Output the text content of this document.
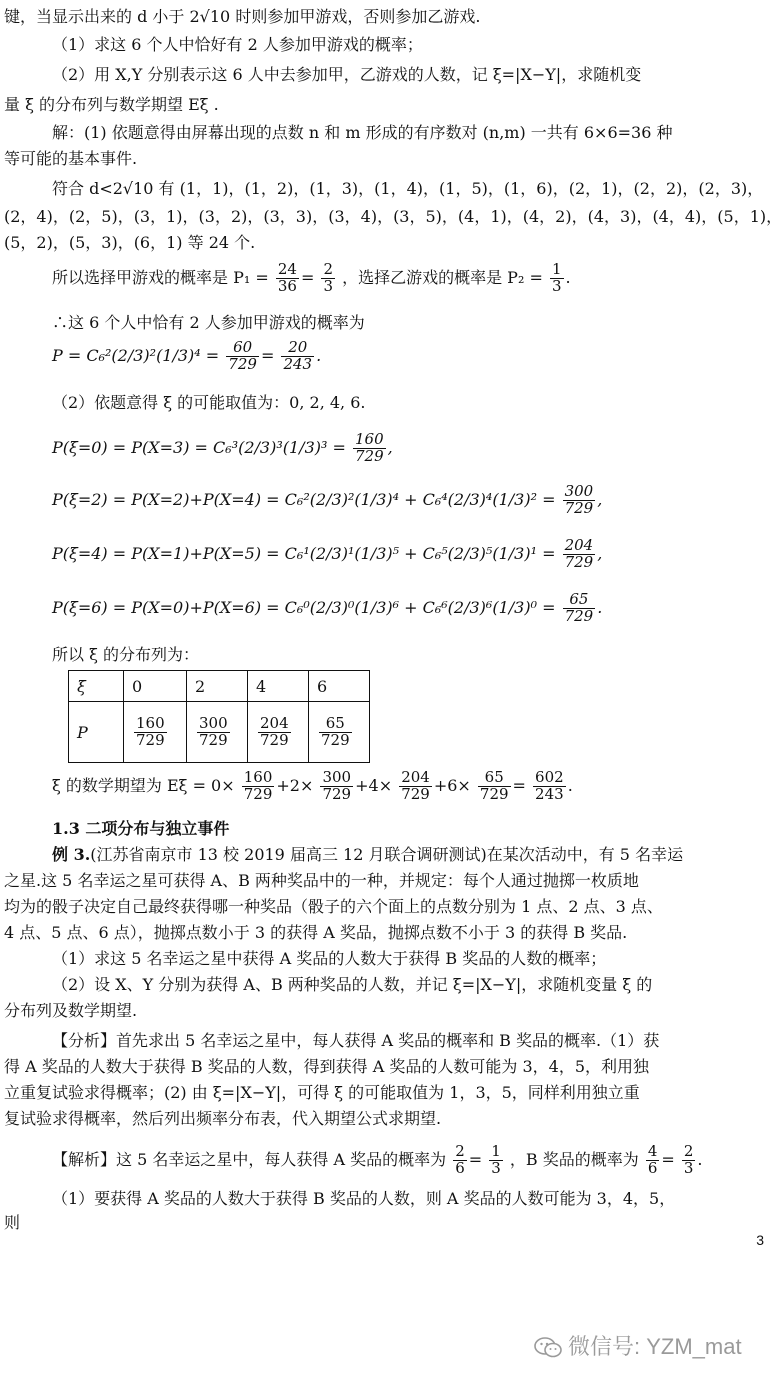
键，当显示出来的 d 小于 2√10 时则参加甲游戏，否则参加乙游戏.
（1）求这 6 个人中恰好有 2 人参加甲游戏的概率；
（2）用 X,Y 分别表示这 6 人中去参加甲，乙游戏的人数，记 ξ=|X−Y|，求随机变
量 ξ 的分布列与数学期望 Eξ .
解：(1) 依题意得由屏幕出现的点数 n 和 m 形成的有序数对 (n,m) 一共有 6×6=36 种
等可能的基本事件.
符合 d<2√10 有 (1，1)，(1，2)，(1，3)，(1，4)，(1，5)，(1，6)，(2，1)，(2，2)，(2，3)，
(2，4)，(2，5)，(3，1)，(3，2)，(3，3)，(3，4)，(3，5)，(4，1)，(4，2)，(4，3)，(4，4)，(5，1)，
(5，2)，(5，3)，(6，1) 等 24 个.
所以选择甲游戏的概率是 $P_1 = \frac{24}{36} = \frac{2}{3}$ ，选择乙游戏的概率是 $P_2 = \frac{1}{3}$ .
∴这 6 个人中恰有 2 人参加甲游戏的概率为
$P = C_6^2(2/3)^2(1/3)^4 = \frac{60}{729} = \frac{20}{243}$ .
（2）依题意得 ξ 的可能取值为：0, 2, 4, 6.
$P(\xi=0) = P(X=3) = C_6^3(2/3)^3(1/3)^3 = \frac{160}{729}$ ,
$P(\xi=2) = P(X=2)+P(X=4) = C_6^2(2/3)^2(1/3)^4 + C_6^4(2/3)^4(1/3)^2 = \frac{300}{729}$ ,
$P(\xi=4) = P(X=1)+P(X=5) = C_6^1(2/3)^1(1/3)^5 + C_6^5(2/3)^5(1/3)^1 = \frac{204}{729}$ ,
$P(\xi=6) = P(X=0)+P(X=6) = C_6^0(2/3)^0(1/3)^6 + C_6^6(2/3)^6(1/3)^0 = \frac{65}{729}$ .
所以 ξ 的分布列为：
ξ	0	2	4	6
P	$\frac{160}{729}$	$\frac{300}{729}$	$\frac{204}{729}$	$\frac{65}{729}$
ξ 的数学期望为 $E\xi = 0\times \frac{160}{729} +2\times \frac{300}{729} +4\times \frac{204}{729} +6\times \frac{65}{729} = \frac{602}{243}$ .
1.3 二项分布与独立事件
例 3.(江苏省南京市 13 校 2019 届高三 12 月联合调研测试)在某次活动中，有 5 名幸运
之星.这 5 名幸运之星可获得 A、B 两种奖品中的一种，并规定：每个人通过抛掷一枚质地
均为的骰子决定自己最终获得哪一种奖品（骰子的六个面上的点数分别为 1 点、2 点、3 点、
4 点、5 点、6 点），抛掷点数小于 3 的获得 A 奖品，抛掷点数不小于 3 的获得 B 奖品.
（1）求这 5 名幸运之星中获得 A 奖品的人数大于获得 B 奖品的人数的概率；
（2）设 X、Y 分别为获得 A、B 两种奖品的人数，并记 ξ=|X−Y|，求随机变量 ξ 的
分布列及数学期望.
【分析】首先求出 5 名幸运之星中，每人获得 A 奖品的概率和 B 奖品的概率.（1）获
得 A 奖品的人数大于获得 B 奖品的人数，得到获得 A 奖品的人数可能为 3，4，5，利用独
立重复试验求得概率；(2) 由 ξ=|X−Y|，可得 ξ 的可能取值为 1，3，5，同样利用独立重
复试验求得概率，然后列出频率分布表，代入期望公式求期望.
【解析】这 5 名幸运之星中，每人获得 A 奖品的概率为 $\frac{2}{6} = \frac{1}{3}$ ，B 奖品的概率为 $\frac{4}{6} = \frac{2}{3}$ .
（1）要获得 A 奖品的人数大于获得 B 奖品的人数，则 A 奖品的人数可能为 3，4，5，
则
3
微信号: YZM_mat
